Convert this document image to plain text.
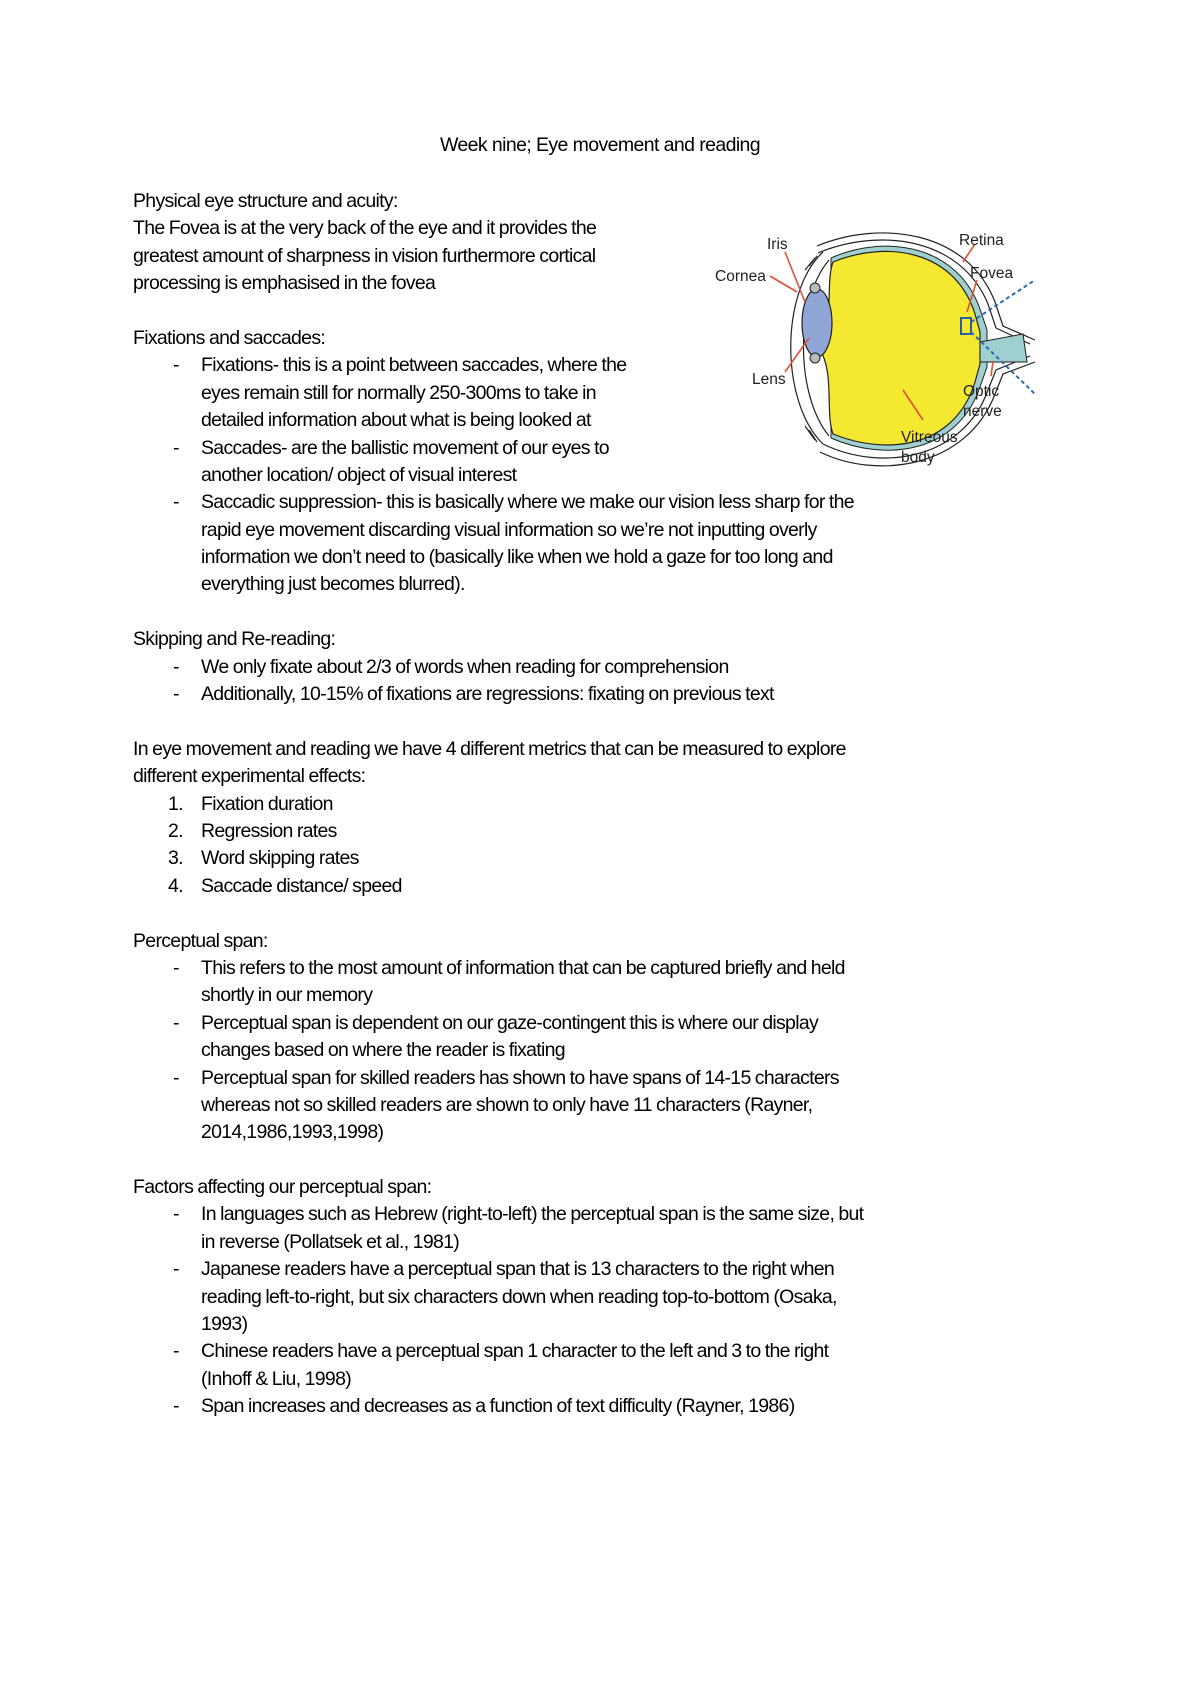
Week nine; Eye movement and reading
Physical eye structure and acuity:
The Fovea is at the very back of the eye and it provides the
greatest amount of sharpness in vision furthermore cortical
processing is emphasised in the fovea
Fixations and saccades:
-	Fixations- this is a point between saccades, where the
eyes remain still for normally 250-300ms to take in
detailed information about what is being looked at
-	Saccades- are the ballistic movement of our eyes to
another location/ object of visual interest
-	Saccadic suppression- this is basically where we make our vision less sharp for the
rapid eye movement discarding visual information so we’re not inputting overly
information we don’t need to (basically like when we hold a gaze for too long and
everything just becomes blurred).
Skipping and Re-reading:
-	We only fixate about 2/3 of words when reading for comprehension
-	Additionally, 10-15% of fixations are regressions: fixating on previous text
In eye movement and reading we have 4 different metrics that can be measured to explore
different experimental effects:
1. Fixation duration
2. Regression rates
3. Word skipping rates
4. Saccade distance/ speed
Perceptual span:
-	This refers to the most amount of information that can be captured briefly and held
shortly in our memory
-	Perceptual span is dependent on our gaze-contingent this is where our display
changes based on where the reader is fixating
-	Perceptual span for skilled readers has shown to have spans of 14-15 characters
whereas not so skilled readers are shown to only have 11 characters (Rayner,
2014,1986,1993,1998)
Factors affecting our perceptual span:
-	In languages such as Hebrew (right-to-left) the perceptual span is the same size, but
in reverse (Pollatsek et al., 1981)
-	Japanese readers have a perceptual span that is 13 characters to the right when
reading left-to-right, but six characters down when reading top-to-bottom (Osaka,
1993)
-	Chinese readers have a perceptual span 1 character to the left and 3 to the right
(Inhoff & Liu, 1998)
-	Span increases and decreases as a function of text difficulty (Rayner, 1986)
Iris
Cornea
Lens
Retina
Fovea
Optic
nerve
Vitreous
body
